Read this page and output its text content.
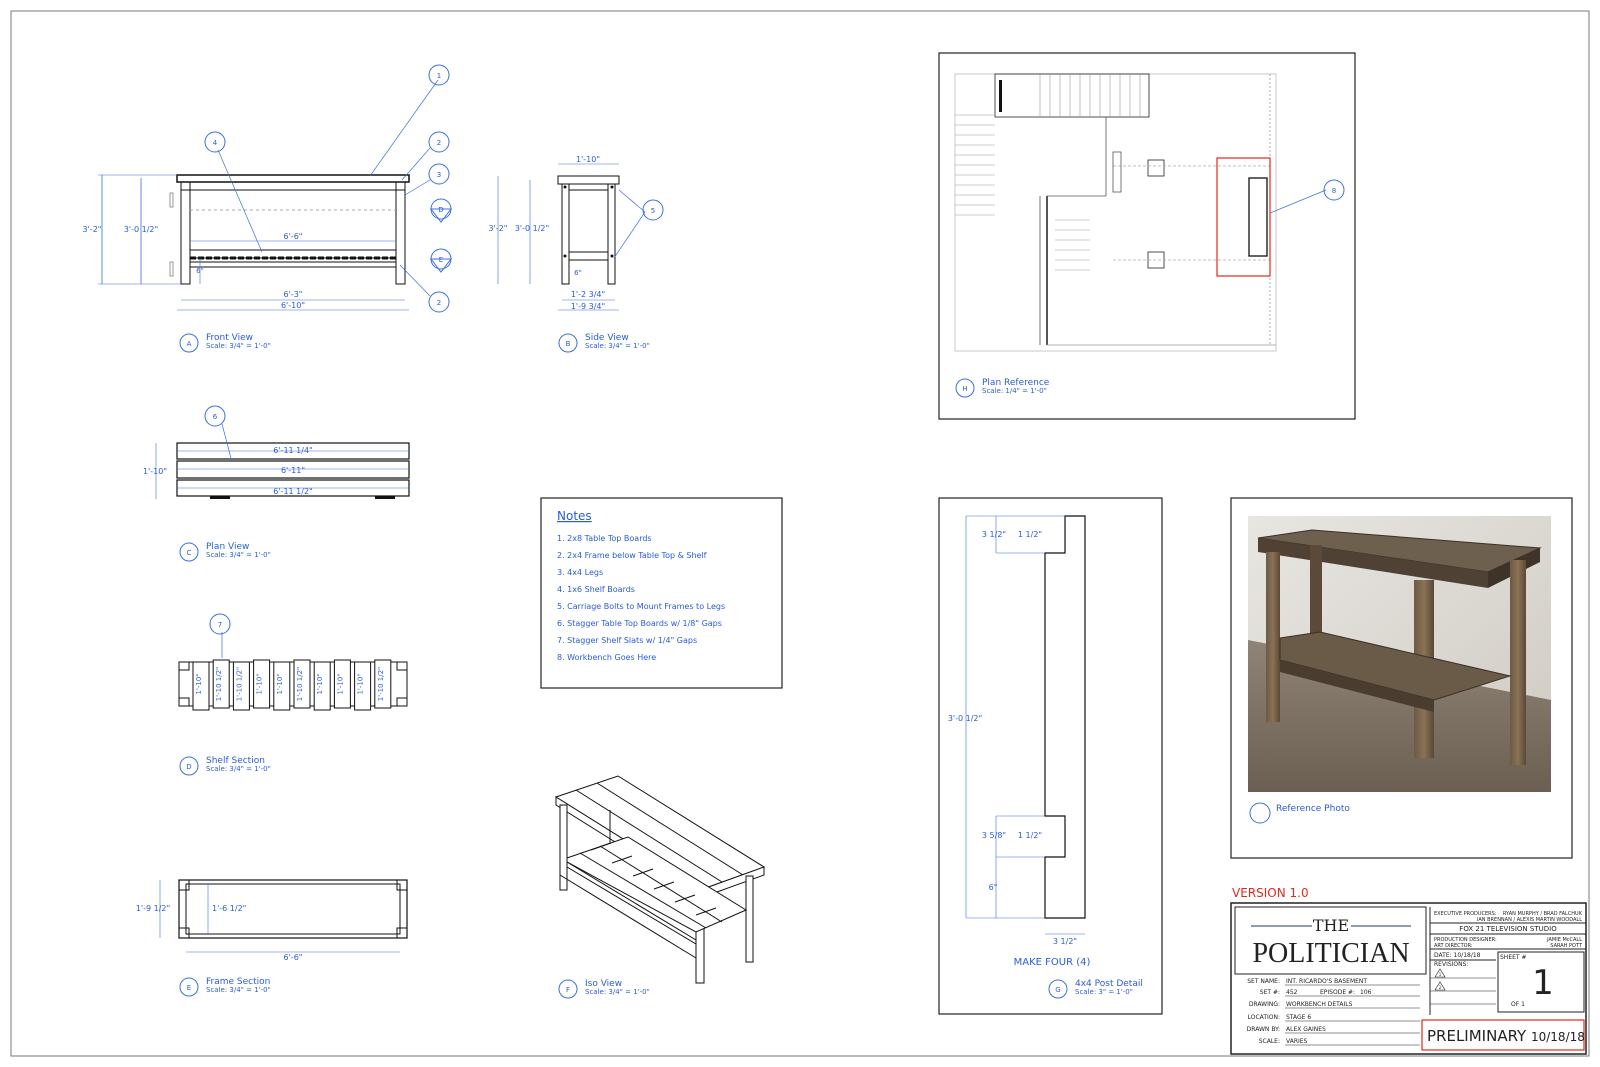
3'-2"	3'-0 1/2"
6'-6"
6"
6'-3"
6'-10"
A
Front View
Scale: 3/4" = 1'-0"
1'-10"
3'-2" 3'-0 1/2"
6"
1'-2 3/4"
1'-9 3/4"
B
Side View
Scale: 3/4" = 1'-0"
1
2
3
2
4
D
E
5
6
1'-10"
6'-11 1/4"
6'-11"
6'-11 1/2"
C
Plan View
Scale: 3/4" = 1'-0"
1'-10" 1'-10 1/2" 1'-10 1/2" 1'-10" 1'-10" 1'-10 1/2" 1'-10" 1'-10" 1'-10" 1'-10 1/2"
7
D
Shelf Section
Scale: 3/4" = 1'-0"
1'-9 1/2"	1'-6 1/2"
6'-6"
E
Frame Section
Scale: 3/4" = 1'-0"
Notes
1. 2x8 Table Top Boards
2. 2x4 Frame below Table Top & Shelf
3. 4x4 Legs
4. 1x6 Shelf Boards
5. Carriage Bolts to Mount Frames to Legs
6. Stagger Table Top Boards w/ 1/8" Gaps
7. Stagger Shelf Slats w/ 1/4" Gaps
8. Workbench Goes Here
F
Iso View
Scale: 3/4" = 1'-0"
8
H
Plan Reference
Scale: 1/4" = 1'-0"
3 1/2" 1 1/2"
3'-0 1/2"
3 5/8" 1 1/2"
6"
3 1/2"
MAKE FOUR (4)
G
4x4 Post Detail
Scale: 3" = 1'-0"
Reference Photo
VERSION 1.0
THE
POLITICIAN
EXECUTIVE PRODUCERS: RYAN MURPHY / BRAD FALCHUK
IAN BRENNAN / ALEXIS MARTIN WOODALL
FOX 21 TELEVISION STUDIO
PRODUCTION DESIGNER:
ART DIRECTOR:
JAMIE McCALL
SARAH POTT
DATE: 10/18/18
REVISIONS:
1
2
SHEET #
1
OF 1
SET NAME: INT. RICARDO'S BASEMENT
SET #: 452	EPISODE #: 106
DRAWING: WORKBENCH DETAILS
LOCATION: STAGE 6
DRAWN BY: ALEX GAINES
SCALE: VARIES	PRELIMINARY 10/18/18
